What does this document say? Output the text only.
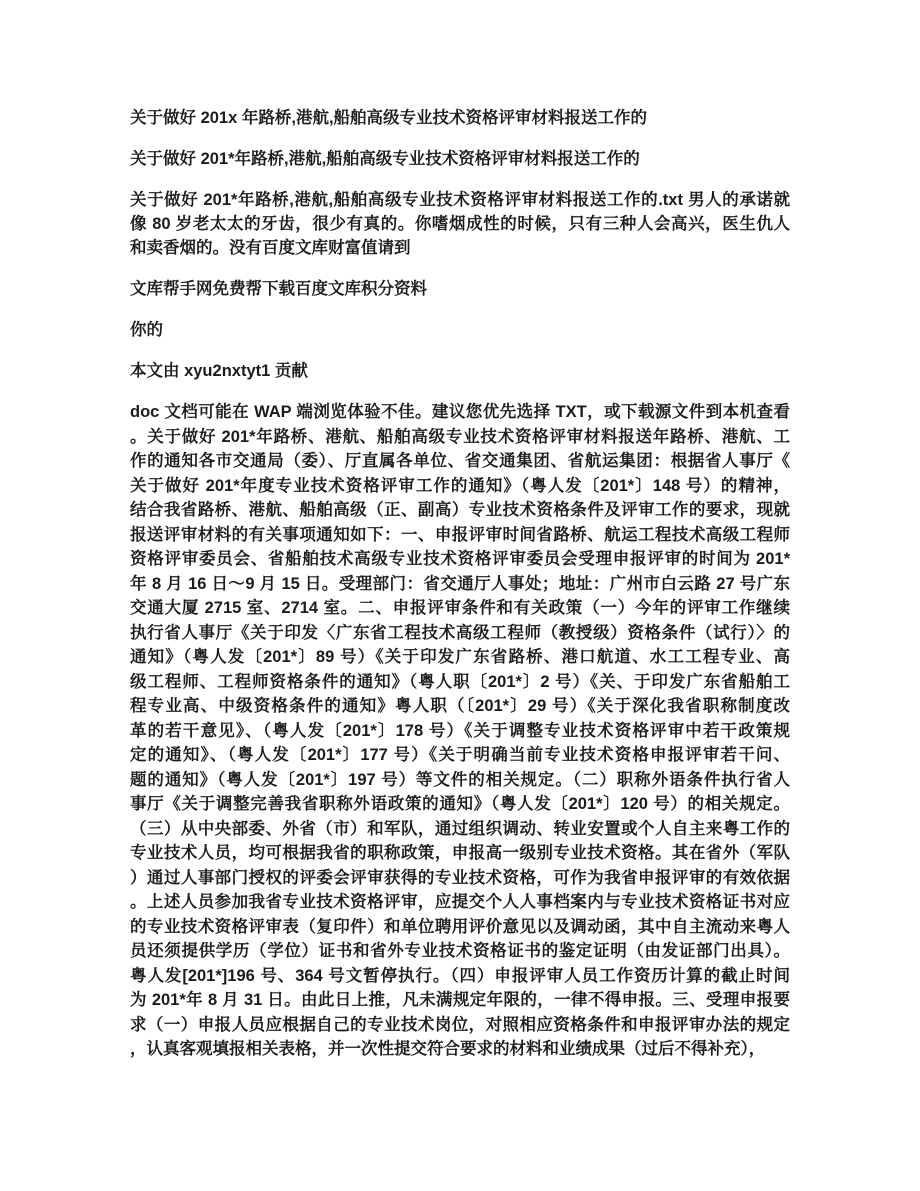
关于做好 201x 年路桥,港航,船舶高级专业技术资格评审材料报送工作的
关于做好 201*年路桥,港航,船舶高级专业技术资格评审材料报送工作的
关于做好 201*年路桥,港航,船舶高级专业技术资格评审材料报送工作的.txt 男人的承诺就
像 80 岁老太太的牙齿，很少有真的。你嗜烟成性的时候，只有三种人会高兴，医生仇人
和卖香烟的。没有百度文库财富值请到
文库帮手网免费帮下载百度文库积分资料
你的
本文由 xyu2nxtyt1 贡献
doc 文档可能在 WAP 端浏览体验不佳。建议您优先选择 TXT，或下载源文件到本机查看
。关于做好 201*年路桥、港航、船舶高级专业技术资格评审材料报送年路桥、港航、工
作的通知各市交通局（委）、厅直属各单位、省交通集团、省航运集团：根据省人事厅《
关于做好 201*年度专业技术资格评审工作的通知》（粤人发〔201*〕148 号）的精神，
结合我省路桥、港航、船舶高级（正、副高）专业技术资格条件及评审工作的要求，现就
报送评审材料的有关事项通知如下：一、申报评审时间省路桥、航运工程技术高级工程师
资格评审委员会、省船舶技术高级专业技术资格评审委员会受理申报评审的时间为 201*
年 8 月 16 日～9 月 15 日。受理部门：省交通厅人事处；地址：广州市白云路 27 号广东
交通大厦 2715 室、2714 室。二、申报评审条件和有关政策（一）今年的评审工作继续
执行省人事厅《关于印发〈广东省工程技术高级工程师（教授级）资格条件（试行）〉的
通知》（粤人发〔201*〕89 号）《关于印发广东省路桥、港口航道、水工工程专业、高
级工程师、工程师资格条件的通知》（粤人职〔201*〕2 号）《关、于印发广东省船舶工
程专业高、中级资格条件的通知》粤人职（〔201*〕29 号）《关于深化我省职称制度改
革的若干意见》、（粤人发〔201*〕178 号）《关于调整专业技术资格评审中若干政策规
定的通知》、（粤人发〔201*〕177 号）《关于明确当前专业技术资格申报评审若干问、
题的通知》（粤人发〔201*〕197 号）等文件的相关规定。（二）职称外语条件执行省人
事厅《关于调整完善我省职称外语政策的通知》（粤人发〔201*〕120 号）的相关规定。
（三）从中央部委、外省（市）和军队，通过组织调动、转业安置或个人自主来粤工作的
专业技术人员，均可根据我省的职称政策，申报高一级别专业技术资格。其在省外（军队
）通过人事部门授权的评委会评审获得的专业技术资格，可作为我省申报评审的有效依据
。上述人员参加我省专业技术资格评审，应提交个人人事档案内与专业技术资格证书对应
的专业技术资格评审表（复印件）和单位聘用评价意见以及调动函，其中自主流动来粤人
员还须提供学历（学位）证书和省外专业技术资格证书的鉴定证明（由发证部门出具）。
粤人发[201*]196 号、364 号文暂停执行。（四）申报评审人员工作资历计算的截止时间
为 201*年 8 月 31 日。由此日上推，凡未满规定年限的，一律不得申报。三、受理申报要
求（一）申报人员应根据自己的专业技术岗位，对照相应资格条件和申报评审办法的规定
，认真客观填报相关表格，并一次性提交符合要求的材料和业绩成果（过后不得补充），
